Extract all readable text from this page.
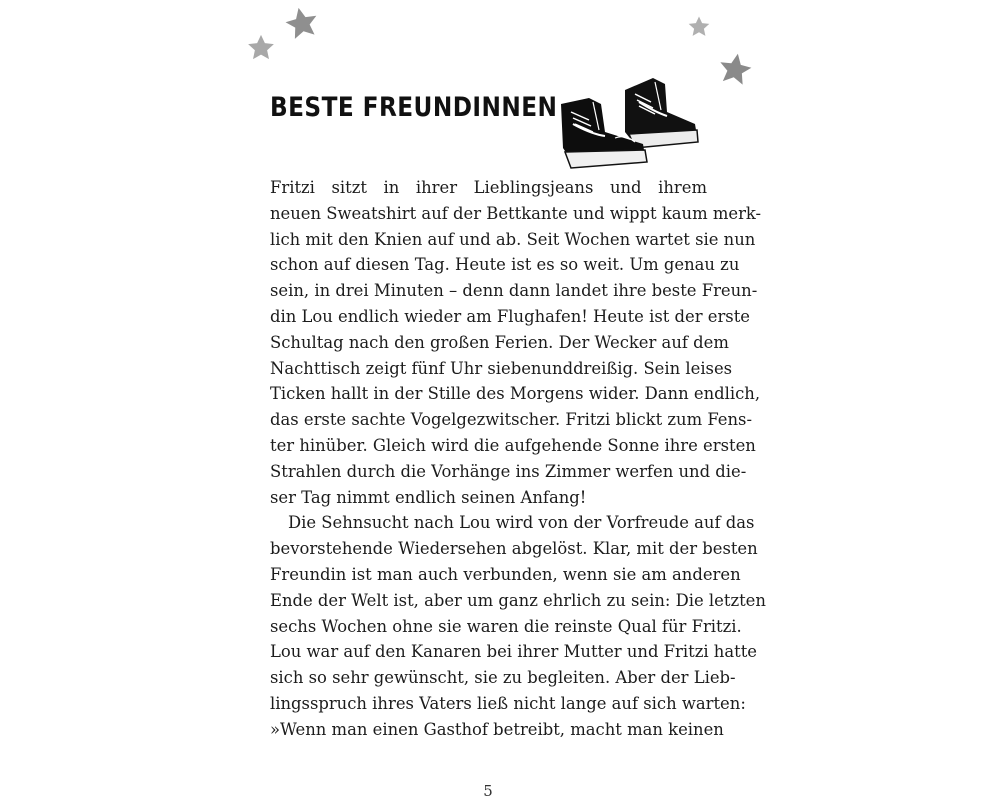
BESTE FREUNDINNEN
Fritzi sitzt in ihrer Lieblingsjeans und ihrem
neuen Sweatshirt auf der Bettkante und wippt kaum merk-
lich mit den Knien auf und ab. Seit Wochen wartet sie nun
schon auf diesen Tag. Heute ist es so weit. Um genau zu
sein, in drei Minuten – denn dann landet ihre beste Freun-
din Lou endlich wieder am Flughafen! Heute ist der erste
Schultag nach den großen Ferien. Der Wecker auf dem
Nachttisch zeigt fünf Uhr siebenunddreißig. Sein leises
Ticken hallt in der Stille des Morgens wider. Dann endlich,
das erste sachte Vogelgezwitscher. Fritzi blickt zum Fens-
ter hinüber. Gleich wird die aufgehende Sonne ihre ersten
Strahlen durch die Vorhänge ins Zimmer werfen und die-
ser Tag nimmt endlich seinen Anfang!
Die Sehnsucht nach Lou wird von der Vorfreude auf das
bevorstehende Wiedersehen abgelöst. Klar, mit der besten
Freundin ist man auch verbunden, wenn sie am anderen
Ende der Welt ist, aber um ganz ehrlich zu sein: Die letzten
sechs Wochen ohne sie waren die reinste Qual für Fritzi.
Lou war auf den Kanaren bei ihrer Mutter und Fritzi hatte
sich so sehr gewünscht, sie zu begleiten. Aber der Lieb-
lingsspruch ihres Vaters ließ nicht lange auf sich warten:
»Wenn man einen Gasthof betreibt, macht man keinen
5
